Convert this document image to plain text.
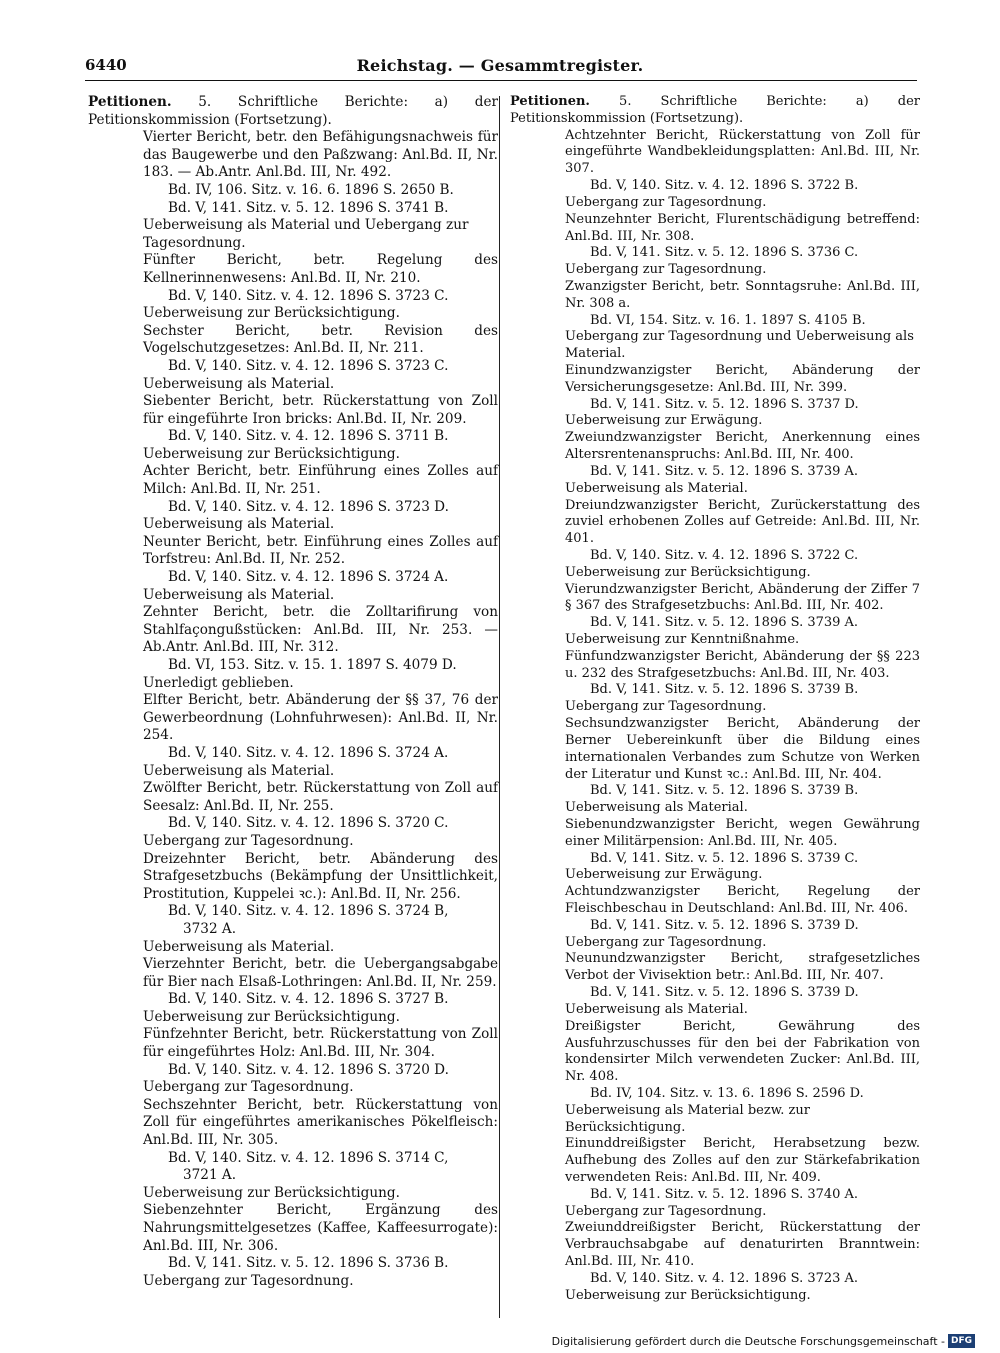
6440	Reichstag. — Gesammtregister.

Petitionen. 5. Schriftliche Berichte: a) der Petitionskommission (Fortsetzung).

Vierter Bericht, betr. den Befähigungsnachweis für das Baugewerbe und den Paßzwang: Anl.Bd. II, Nr. 183. — Ab.Antr. Anl.Bd. III, Nr. 492.

Bd. IV, 106. Sitz. v. 16. 6. 1896 S. 2650 B.

Bd. V, 141. Sitz. v. 5. 12. 1896 S. 3741 B.

Ueberweisung als Material und Uebergang zur Tagesordnung.

Fünfter Bericht, betr. Regelung des Kellnerinnenwesens: Anl.Bd. II, Nr. 210.

Bd. V, 140. Sitz. v. 4. 12. 1896 S. 3723 C.

Ueberweisung zur Berücksichtigung.

Sechster Bericht, betr. Revision des Vogelschutzgesetzes: Anl.Bd. II, Nr. 211.

Bd. V, 140. Sitz. v. 4. 12. 1896 S. 3723 C.

Ueberweisung als Material.

Siebenter Bericht, betr. Rückerstattung von Zoll für eingeführte Iron bricks: Anl.Bd. II, Nr. 209.

Bd. V, 140. Sitz. v. 4. 12. 1896 S. 3711 B.

Ueberweisung zur Berücksichtigung.

Achter Bericht, betr. Einführung eines Zolles auf Milch: Anl.Bd. II, Nr. 251.

Bd. V, 140. Sitz. v. 4. 12. 1896 S. 3723 D.

Ueberweisung als Material.

Neunter Bericht, betr. Einführung eines Zolles auf Torfstreu: Anl.Bd. II, Nr. 252.

Bd. V, 140. Sitz. v. 4. 12. 1896 S. 3724 A.

Ueberweisung als Material.

Zehnter Bericht, betr. die Zolltarifirung von Stahlfaçongußstücken: Anl.Bd. III, Nr. 253. — Ab.Antr. Anl.Bd. III, Nr. 312.

Bd. VI, 153. Sitz. v. 15. 1. 1897 S. 4079 D.

Unerledigt geblieben.

Elfter Bericht, betr. Abänderung der §§ 37, 76 der Gewerbeordnung (Lohnfuhrwesen): Anl.Bd. II, Nr. 254.

Bd. V, 140. Sitz. v. 4. 12. 1896 S. 3724 A.

Ueberweisung als Material.

Zwölfter Bericht, betr. Rückerstattung von Zoll auf Seesalz: Anl.Bd. II, Nr. 255.

Bd. V, 140. Sitz. v. 4. 12. 1896 S. 3720 C.

Uebergang zur Tagesordnung.

Dreizehnter Bericht, betr. Abänderung des Strafgesetzbuchs (Bekämpfung der Unsittlichkeit, Prostitution, Kuppelei ꝛc.): Anl.Bd. II, Nr. 256.

Bd. V, 140. Sitz. v. 4. 12. 1896 S. 3724 B,

3732 A.

Ueberweisung als Material.

Vierzehnter Bericht, betr. die Uebergangsabgabe für Bier nach Elsaß-Lothringen: Anl.Bd. II, Nr. 259.

Bd. V, 140. Sitz. v. 4. 12. 1896 S. 3727 B.

Ueberweisung zur Berücksichtigung.

Fünfzehnter Bericht, betr. Rückerstattung von Zoll für eingeführtes Holz: Anl.Bd. III, Nr. 304.

Bd. V, 140. Sitz. v. 4. 12. 1896 S. 3720 D.

Uebergang zur Tagesordnung.

Sechszehnter Bericht, betr. Rückerstattung von Zoll für eingeführtes amerikanisches Pökelfleisch: Anl.Bd. III, Nr. 305.

Bd. V, 140. Sitz. v. 4. 12. 1896 S. 3714 C,

3721 A.

Ueberweisung zur Berücksichtigung.

Siebenzehnter Bericht, Ergänzung des Nahrungsmittelgesetzes (Kaffee, Kaffeesurrogate): Anl.Bd. III, Nr. 306.

Bd. V, 141. Sitz. v. 5. 12. 1896 S. 3736 B.

Uebergang zur Tagesordnung.

Petitionen. 5. Schriftliche Berichte: a) der Petitionskommission (Fortsetzung).

Achtzehnter Bericht, Rückerstattung von Zoll für eingeführte Wandbekleidungsplatten: Anl.Bd. III, Nr. 307.

Bd. V, 140. Sitz. v. 4. 12. 1896 S. 3722 B.

Uebergang zur Tagesordnung.

Neunzehnter Bericht, Flurentschädigung betreffend: Anl.Bd. III, Nr. 308.

Bd. V, 141. Sitz. v. 5. 12. 1896 S. 3736 C.

Uebergang zur Tagesordnung.

Zwanzigster Bericht, betr. Sonntagsruhe: Anl.Bd. III, Nr. 308 a.

Bd. VI, 154. Sitz. v. 16. 1. 1897 S. 4105 B.

Uebergang zur Tagesordnung und Ueberweisung als Material.

Einundzwanzigster Bericht, Abänderung der Versicherungsgesetze: Anl.Bd. III, Nr. 399.

Bd. V, 141. Sitz. v. 5. 12. 1896 S. 3737 D.

Ueberweisung zur Erwägung.

Zweiundzwanzigster Bericht, Anerkennung eines Altersrentenanspruchs: Anl.Bd. III, Nr. 400.

Bd. V, 141. Sitz. v. 5. 12. 1896 S. 3739 A.

Ueberweisung als Material.

Dreiundzwanzigster Bericht, Zurückerstattung des zuviel erhobenen Zolles auf Getreide: Anl.Bd. III, Nr. 401.

Bd. V, 140. Sitz. v. 4. 12. 1896 S. 3722 C.

Ueberweisung zur Berücksichtigung.

Vierundzwanzigster Bericht, Abänderung der Ziffer 7 § 367 des Strafgesetzbuchs: Anl.Bd. III, Nr. 402.

Bd. V, 141. Sitz. v. 5. 12. 1896 S. 3739 A.

Ueberweisung zur Kenntnißnahme.

Fünfundzwanzigster Bericht, Abänderung der §§ 223 u. 232 des Strafgesetzbuchs: Anl.Bd. III, Nr. 403.

Bd. V, 141. Sitz. v. 5. 12. 1896 S. 3739 B.

Uebergang zur Tagesordnung.

Sechsundzwanzigster Bericht, Abänderung der Berner Uebereinkunft über die Bildung eines internationalen Verbandes zum Schutze von Werken der Literatur und Kunst ꝛc.: Anl.Bd. III, Nr. 404.

Bd. V, 141. Sitz. v. 5. 12. 1896 S. 3739 B.

Ueberweisung als Material.

Siebenundzwanzigster Bericht, wegen Gewährung einer Militärpension: Anl.Bd. III, Nr. 405.

Bd. V, 141. Sitz. v. 5. 12. 1896 S. 3739 C.

Ueberweisung zur Erwägung.

Achtundzwanzigster Bericht, Regelung der Fleischbeschau in Deutschland: Anl.Bd. III, Nr. 406.

Bd. V, 141. Sitz. v. 5. 12. 1896 S. 3739 D.

Uebergang zur Tagesordnung.

Neunundzwanzigster Bericht, strafgesetzliches Verbot der Vivisektion betr.: Anl.Bd. III, Nr. 407.

Bd. V, 141. Sitz. v. 5. 12. 1896 S. 3739 D.

Ueberweisung als Material.

Dreißigster Bericht, Gewährung des Ausfuhrzuschusses für den bei der Fabrikation von kondensirter Milch verwendeten Zucker: Anl.Bd. III, Nr. 408.

Bd. IV, 104. Sitz. v. 13. 6. 1896 S. 2596 D.

Ueberweisung als Material bezw. zur Berücksichtigung.

Einunddreißigster Bericht, Herabsetzung bezw. Aufhebung des Zolles auf den zur Stärkefabrikation verwendeten Reis: Anl.Bd. III, Nr. 409.

Bd. V, 141. Sitz. v. 5. 12. 1896 S. 3740 A.

Uebergang zur Tagesordnung.

Zweiunddreißigster Bericht, Rückerstattung der Verbrauchsabgabe auf denaturirten Branntwein: Anl.Bd. III, Nr. 410.

Bd. V, 140. Sitz. v. 4. 12. 1896 S. 3723 A.

Ueberweisung zur Berücksichtigung.

Digitalisierung gefördert durch die Deutsche Forschungsgemeinschaft - DFG
